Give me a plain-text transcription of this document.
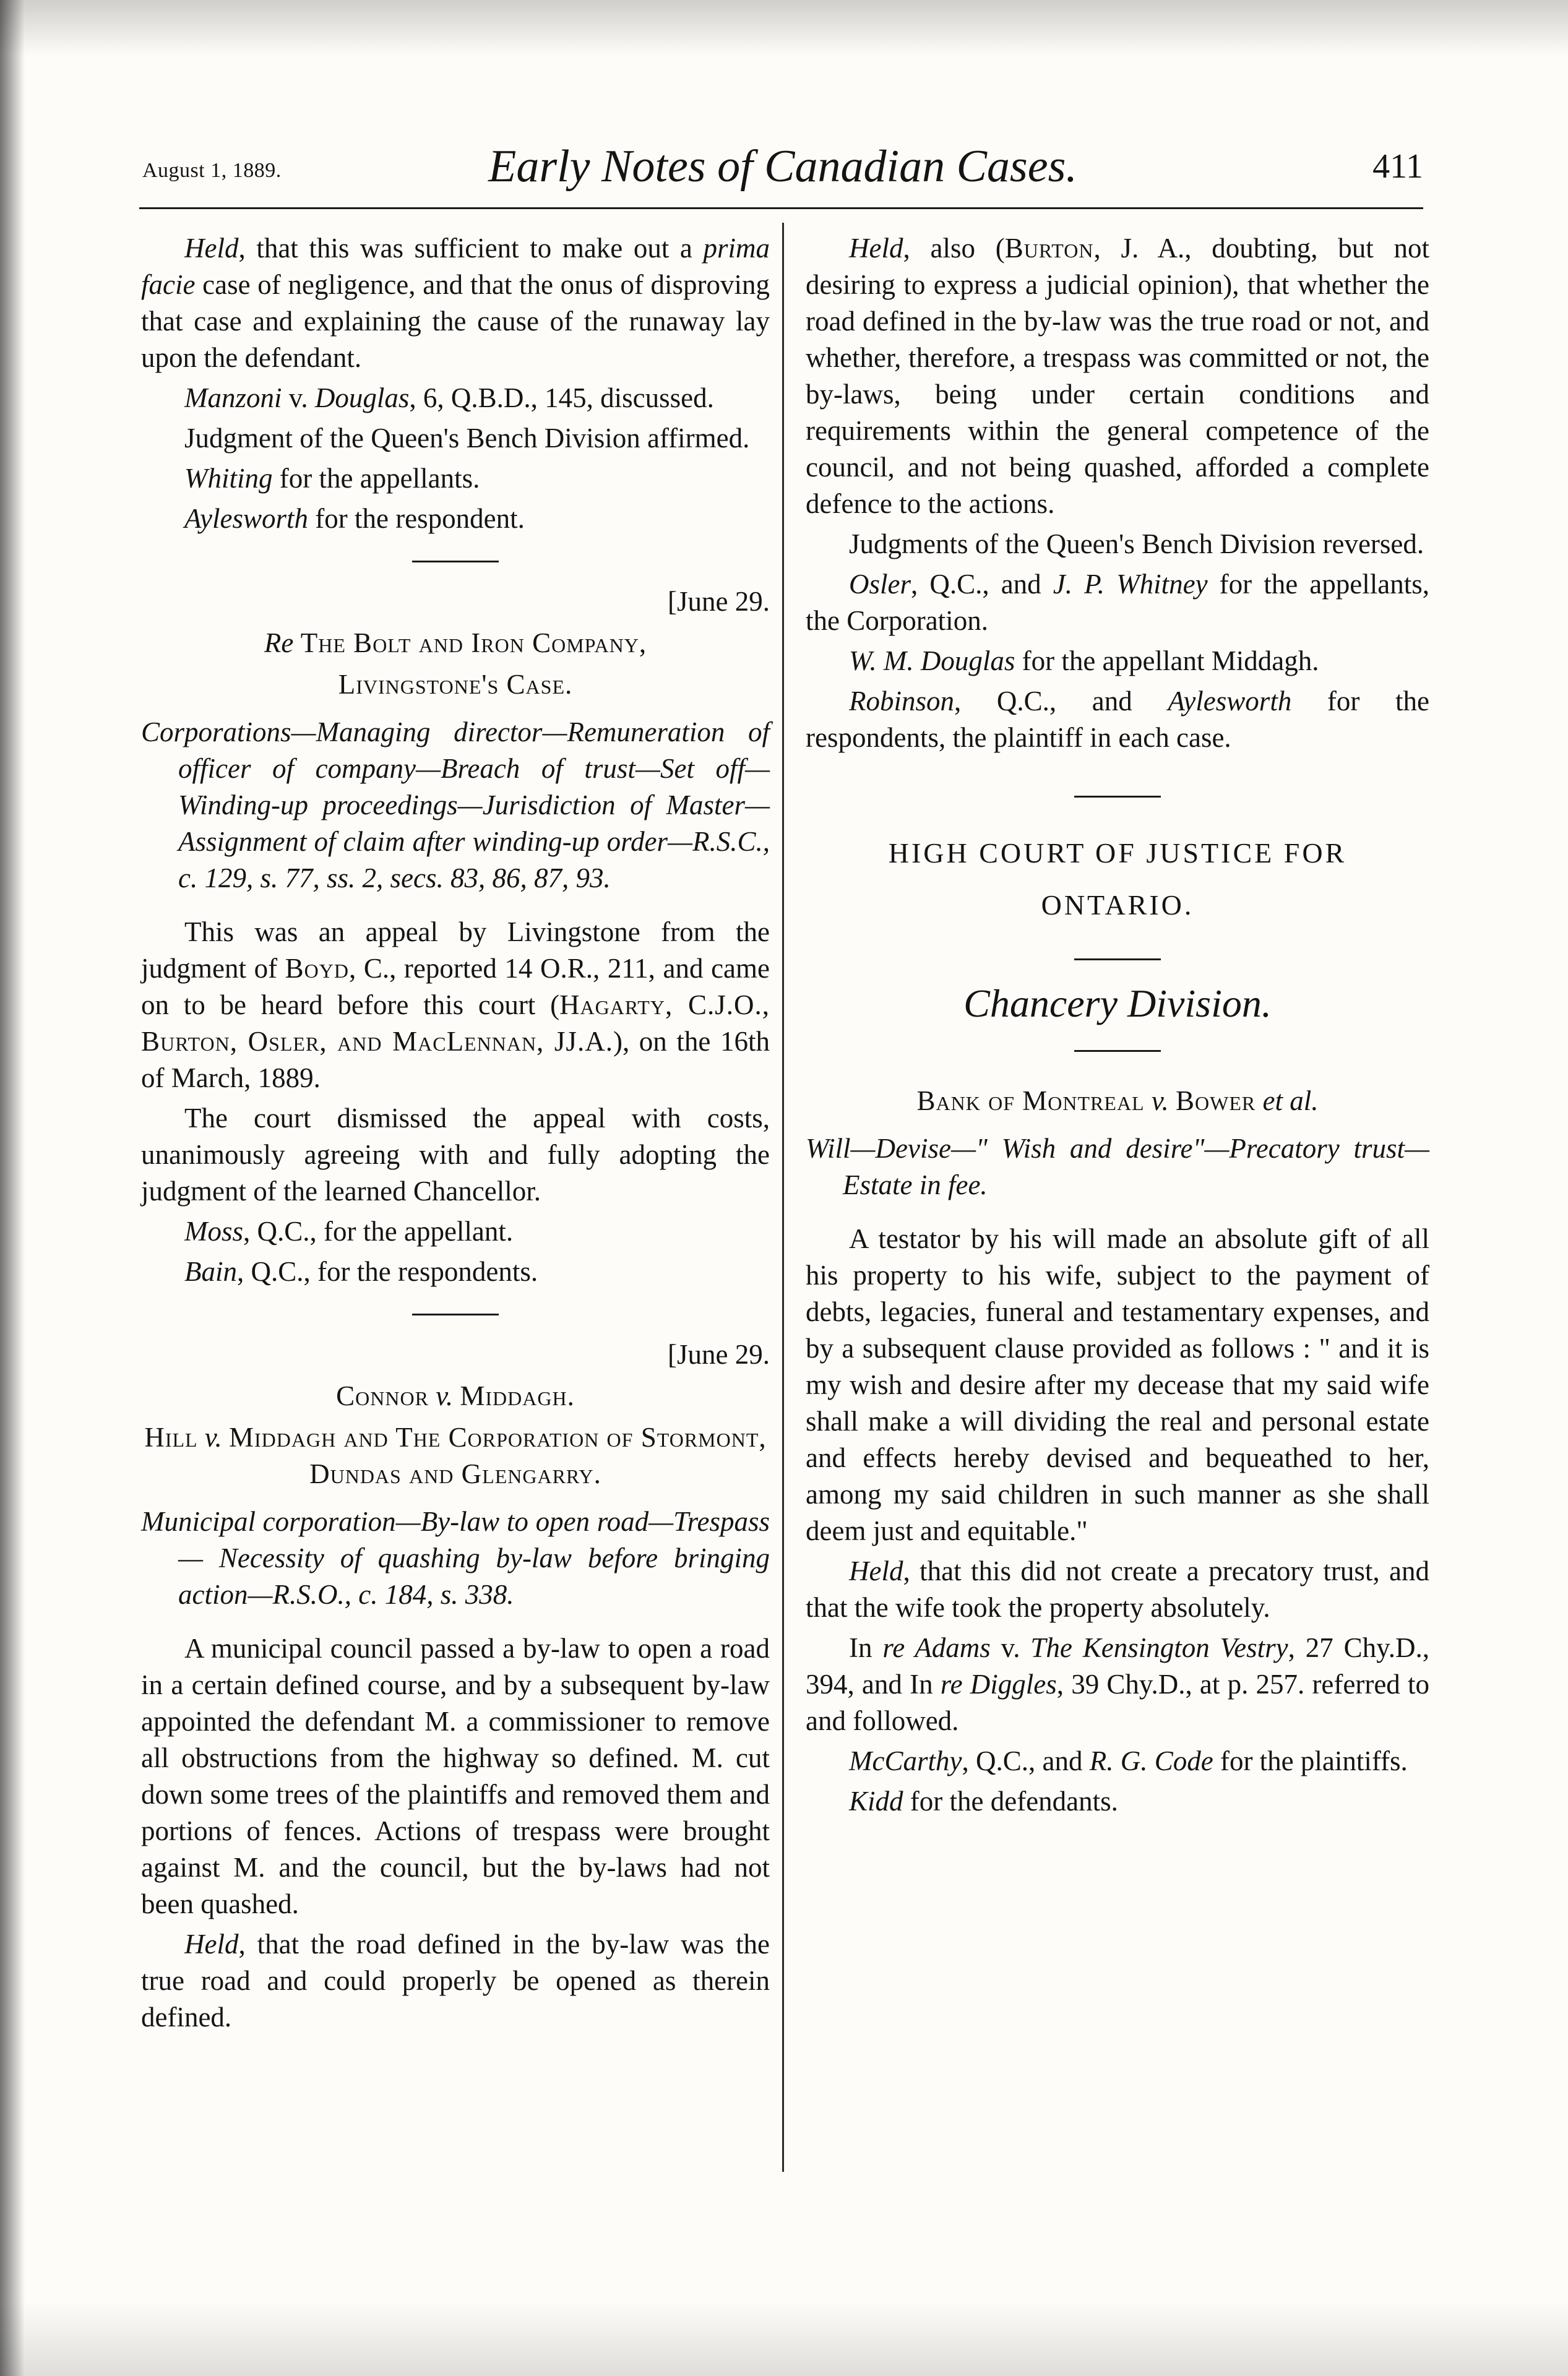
August 1, 1889.	Early Notes of Canadian Cases.	411

Held, that this was sufficient to make out a prima facie case of negligence, and that the onus of disproving that case and explaining the cause of the runaway lay upon the defendant.

Manzoni v. Douglas, 6, Q.B.D., 145, discussed.

Judgment of the Queen's Bench Division affirmed.

Whiting for the appellants.

Aylesworth for the respondent.

[June 29.
Re The Bolt and Iron Company,
Livingstone's Case.
Corporations—Managing director—Remuneration of officer of company—Breach of trust—Set off—Winding-up proceedings—Jurisdiction of Master—Assignment of claim after winding-up order—R.S.C., c. 129, s. 77, ss. 2, secs. 83, 86, 87, 93.

This was an appeal by Livingstone from the judgment of Boyd, C., reported 14 O.R., 211, and came on to be heard before this court (Hagarty, C.J.O., Burton, Osler, and MacLennan, JJ.A.), on the 16th of March, 1889.

The court dismissed the appeal with costs, unanimously agreeing with and fully adopting the judgment of the learned Chancellor.

Moss, Q.C., for the appellant.

Bain, Q.C., for the respondents.

[June 29.
Connor v. Middagh.
Hill v. Middagh and The Corporation of Stormont, Dundas and Glengarry.
Municipal corporation—By-law to open road—Trespass — Necessity of quashing by-law before bringing action—R.S.O., c. 184, s. 338.

A municipal council passed a by-law to open a road in a certain defined course, and by a subsequent by-law appointed the defendant M. a commissioner to remove all obstructions from the highway so defined. M. cut down some trees of the plaintiffs and removed them and portions of fences. Actions of trespass were brought against M. and the council, but the by-laws had not been quashed.

Held, that the road defined in the by-law was the true road and could properly be opened as therein defined.

Held, also (Burton, J. A., doubting, but not desiring to express a judicial opinion), that whether the road defined in the by-law was the true road or not, and whether, therefore, a trespass was committed or not, the by-laws, being under certain conditions and requirements within the general competence of the council, and not being quashed, afforded a complete defence to the actions.

Judgments of the Queen's Bench Division reversed.

Osler, Q.C., and J. P. Whitney for the appellants, the Corporation.

W. M. Douglas for the appellant Middagh.

Robinson, Q.C., and Aylesworth for the respondents, the plaintiff in each case.

HIGH COURT OF JUSTICE FOR
ONTARIO.
Chancery Division.
Bank of Montreal v. Bower et al.
Will—Devise—" Wish and desire"—Precatory trust—Estate in fee.

A testator by his will made an absolute gift of all his property to his wife, subject to the payment of debts, legacies, funeral and testamentary expenses, and by a subsequent clause provided as follows : " and it is my wish and desire after my decease that my said wife shall make a will dividing the real and personal estate and effects hereby devised and bequeathed to her, among my said children in such manner as she shall deem just and equitable."

Held, that this did not create a precatory trust, and that the wife took the property absolutely.

In re Adams v. The Kensington Vestry, 27 Chy.D., 394, and In re Diggles, 39 Chy.D., at p. 257. referred to and followed.

McCarthy, Q.C., and R. G. Code for the plaintiffs.

Kidd for the defendants.
